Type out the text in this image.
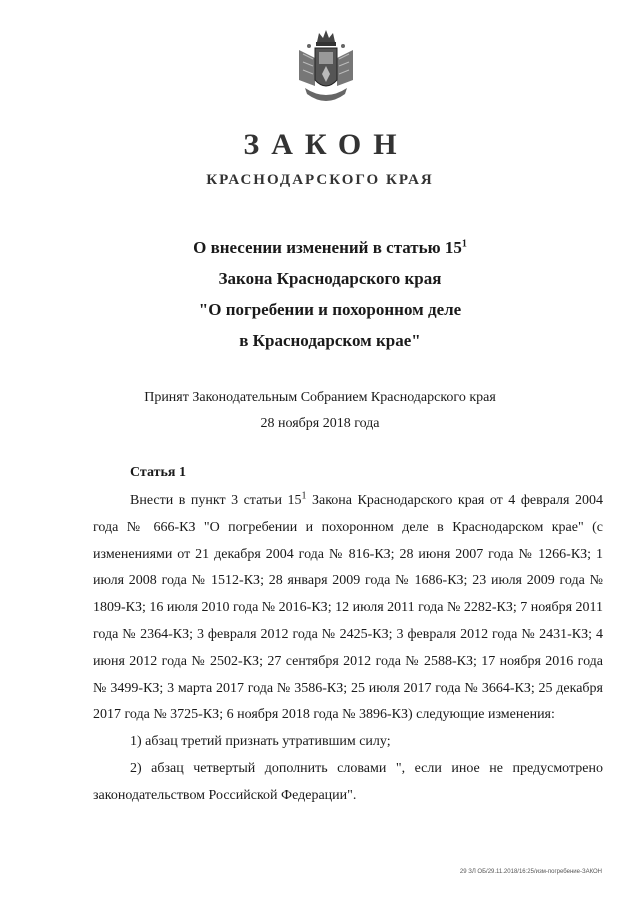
ЗАКОН
КРАСНОДАРСКОГО КРАЯ
О внесении изменений в статью $15^1$
Закона Краснодарского края
"О погребении и похоронном деле
в Краснодарском крае"
Принят Законодательным Собранием Краснодарского края
28 ноября 2018 года
Статья 1

Внести в пункт 3 статьи $15^1$ Закона Краснодарского края от 4 февраля 2004 года № 666-КЗ "О погребении и похоронном деле в Краснодарском крае" (с изменениями от 21 декабря 2004 года № 816-КЗ; 28 июня 2007 года № 1266-КЗ; 1 июля 2008 года № 1512-КЗ; 28 января 2009 года № 1686-КЗ; 23 июля 2009 года № 1809-КЗ; 16 июля 2010 года № 2016-КЗ; 12 июля 2011 года № 2282-КЗ; 7 ноября 2011 года № 2364-КЗ; 3 февраля 2012 года № 2425-КЗ; 3 февраля 2012 года № 2431-КЗ; 4 июня 2012 года № 2502-КЗ; 27 сентября 2012 года № 2588-КЗ; 17 ноября 2016 года № 3499-КЗ; 3 марта 2017 года № 3586-КЗ; 25 июля 2017 года № 3664-КЗ; 25 декабря 2017 года № 3725-КЗ; 6 ноября 2018 года № 3896-КЗ) следующие изменения:

1) абзац третий признать утратившим силу;

2) абзац четвертый дополнить словами ", если иное не предусмотрено законодательством Российской Федерации".

29 ЗЛ ОБ/29.11.2018/16:25/изм-погребение-ЗАКОН
